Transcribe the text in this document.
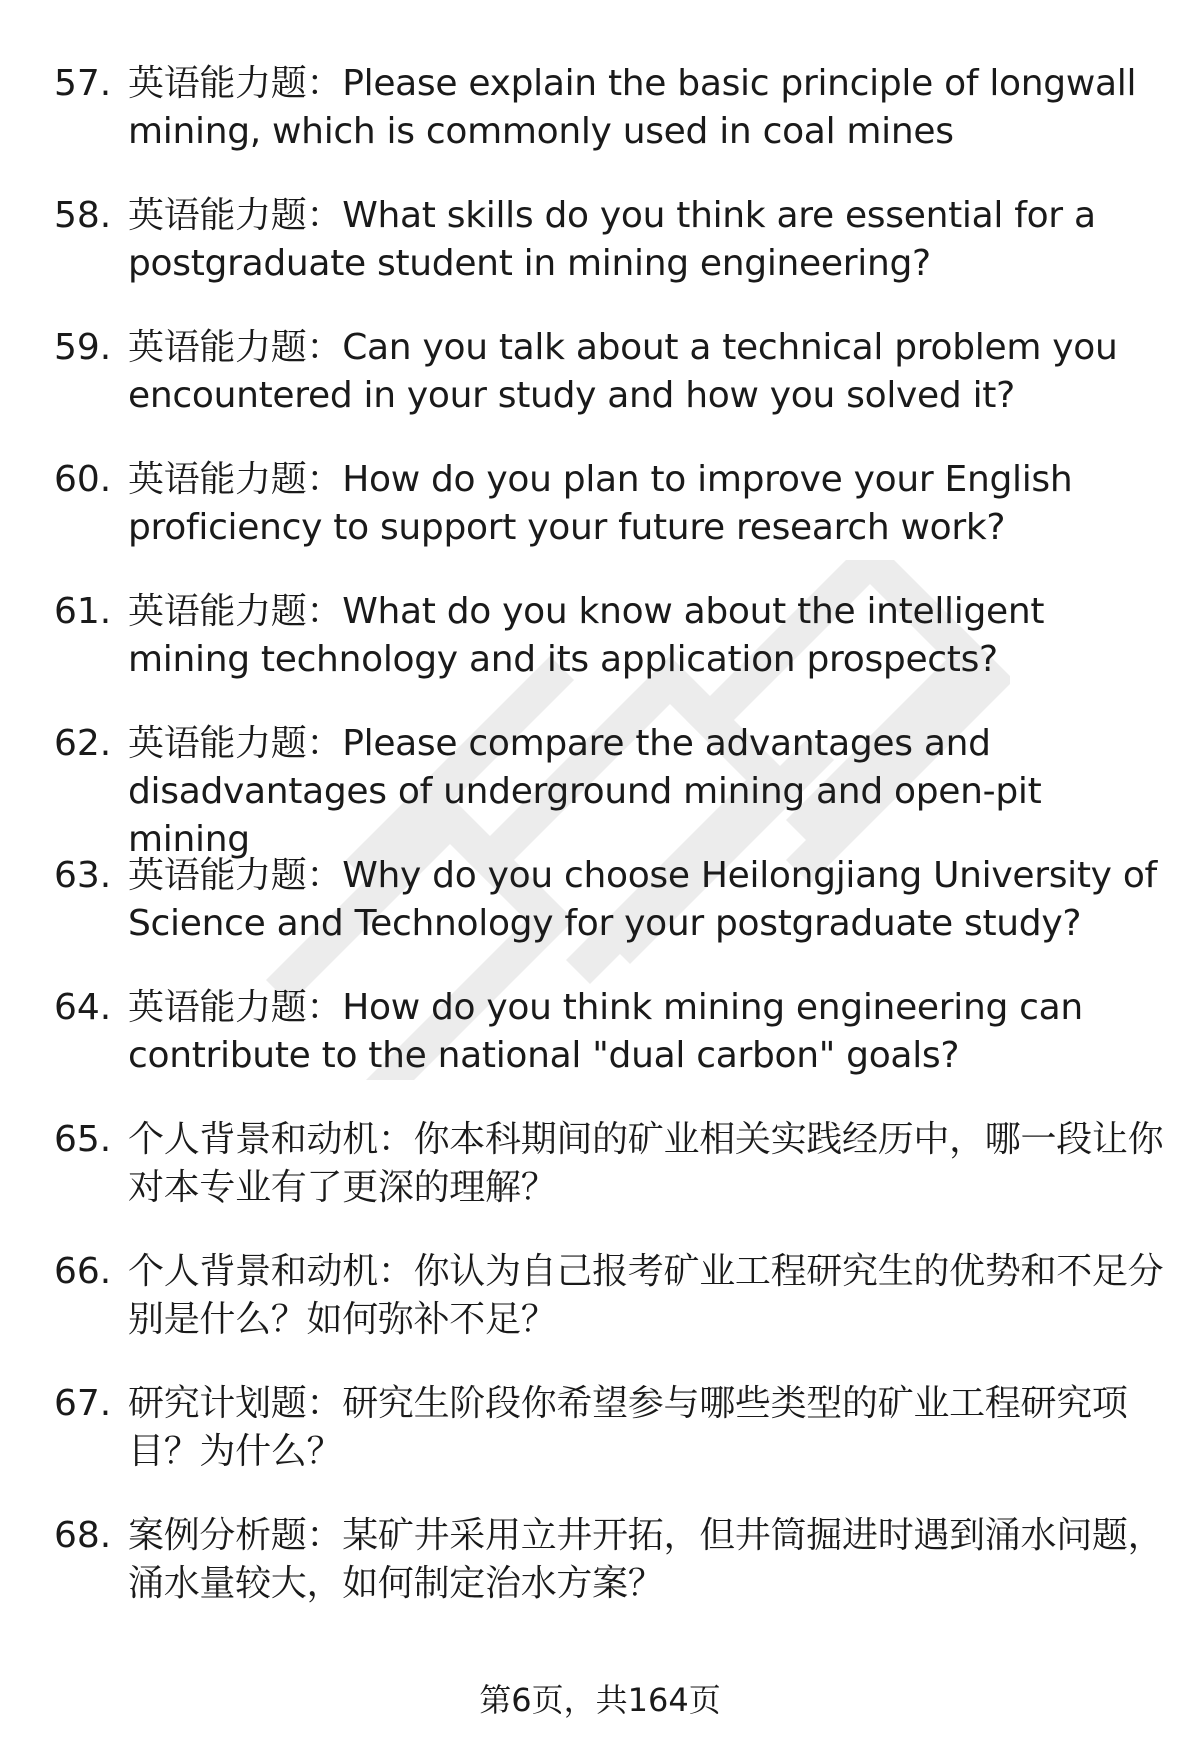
57. 英语能力题：Please explain the basic principle of longwall mining, which is commonly used in coal mines
58. 英语能力题：What skills do you think are essential for a postgraduate student in mining engineering?
59. 英语能力题：Can you talk about a technical problem you encountered in your study and how you solved it?
60. 英语能力题：How do you plan to improve your English proficiency to support your future research work?
61. 英语能力题：What do you know about the intelligent mining technology and its application prospects?
62. 英语能力题：Please compare the advantages and disadvantages of underground mining and open-pit mining
63. 英语能力题：Why do you choose Heilongjiang University of Science and Technology for your postgraduate study?
64. 英语能力题：How do you think mining engineering can contribute to the national "dual carbon" goals?
65. 个人背景和动机：你本科期间的矿业相关实践经历中，哪一段让你对本专业有了更深的理解？
66. 个人背景和动机：你认为自己报考矿业工程研究生的优势和不足分别是什么？如何弥补不足？
67. 研究计划题：研究生阶段你希望参与哪些类型的矿业工程研究项目？为什么？
68. 案例分析题：某矿井采用立井开拓，但井筒掘进时遇到涌水问题，涌水量较大，如何制定治水方案？
第6页，共164页
